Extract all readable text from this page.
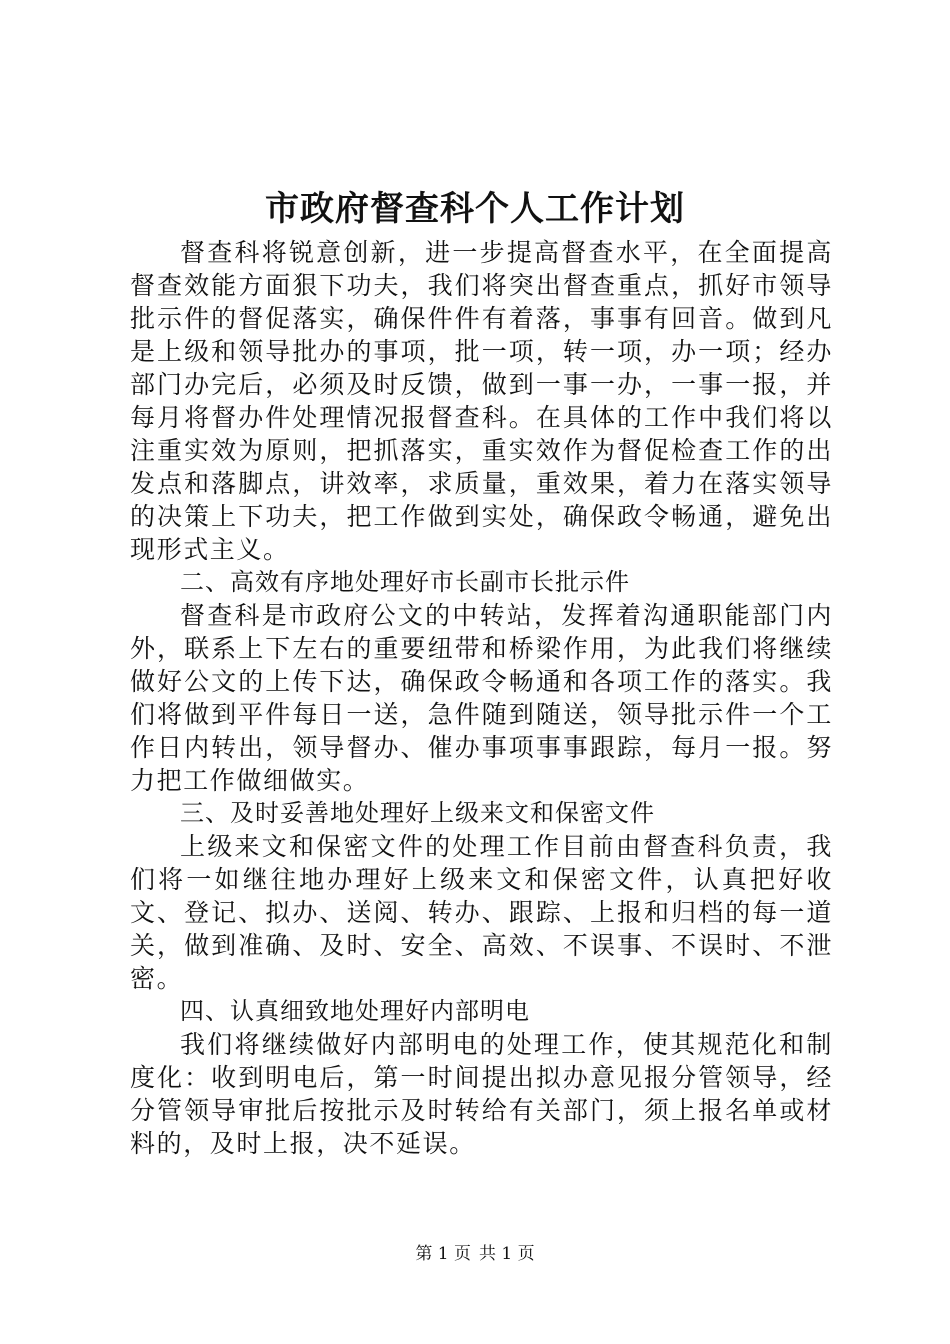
市政府督查科个人工作计划

督查科将锐意创新，进一步提高督查水平，在全面提高督查效能方面狠下功夫，我们将突出督查重点，抓好市领导批示件的督促落实，确保件件有着落，事事有回音。做到凡是上级和领导批办的事项，批一项，转一项，办一项；经办部门办完后，必须及时反馈，做到一事一办，一事一报，并每月将督办件处理情况报督查科。在具体的工作中我们将以注重实效为原则，把抓落实，重实效作为督促检查工作的出发点和落脚点，讲效率，求质量，重效果，着力在落实领导的决策上下功夫，把工作做到实处，确保政令畅通，避免出现形式主义。

二、高效有序地处理好市长副市长批示件

督查科是市政府公文的中转站，发挥着沟通职能部门内外，联系上下左右的重要纽带和桥梁作用，为此我们将继续做好公文的上传下达，确保政令畅通和各项工作的落实。我们将做到平件每日一送，急件随到随送，领导批示件一个工作日内转出，领导督办、催办事项事事跟踪，每月一报。努力把工作做细做实。

三、及时妥善地处理好上级来文和保密文件

上级来文和保密文件的处理工作目前由督查科负责，我们将一如继往地办理好上级来文和保密文件，认真把好收文、登记、拟办、送阅、转办、跟踪、上报和归档的每一道关，做到准确、及时、安全、高效、不误事、不误时、不泄密。

四、认真细致地处理好内部明电

我们将继续做好内部明电的处理工作，使其规范化和制度化：收到明电后，第一时间提出拟办意见报分管领导，经分管领导审批后按批示及时转给有关部门，须上报名单或材料的，及时上报，决不延误。

第 1 页 共 1 页
